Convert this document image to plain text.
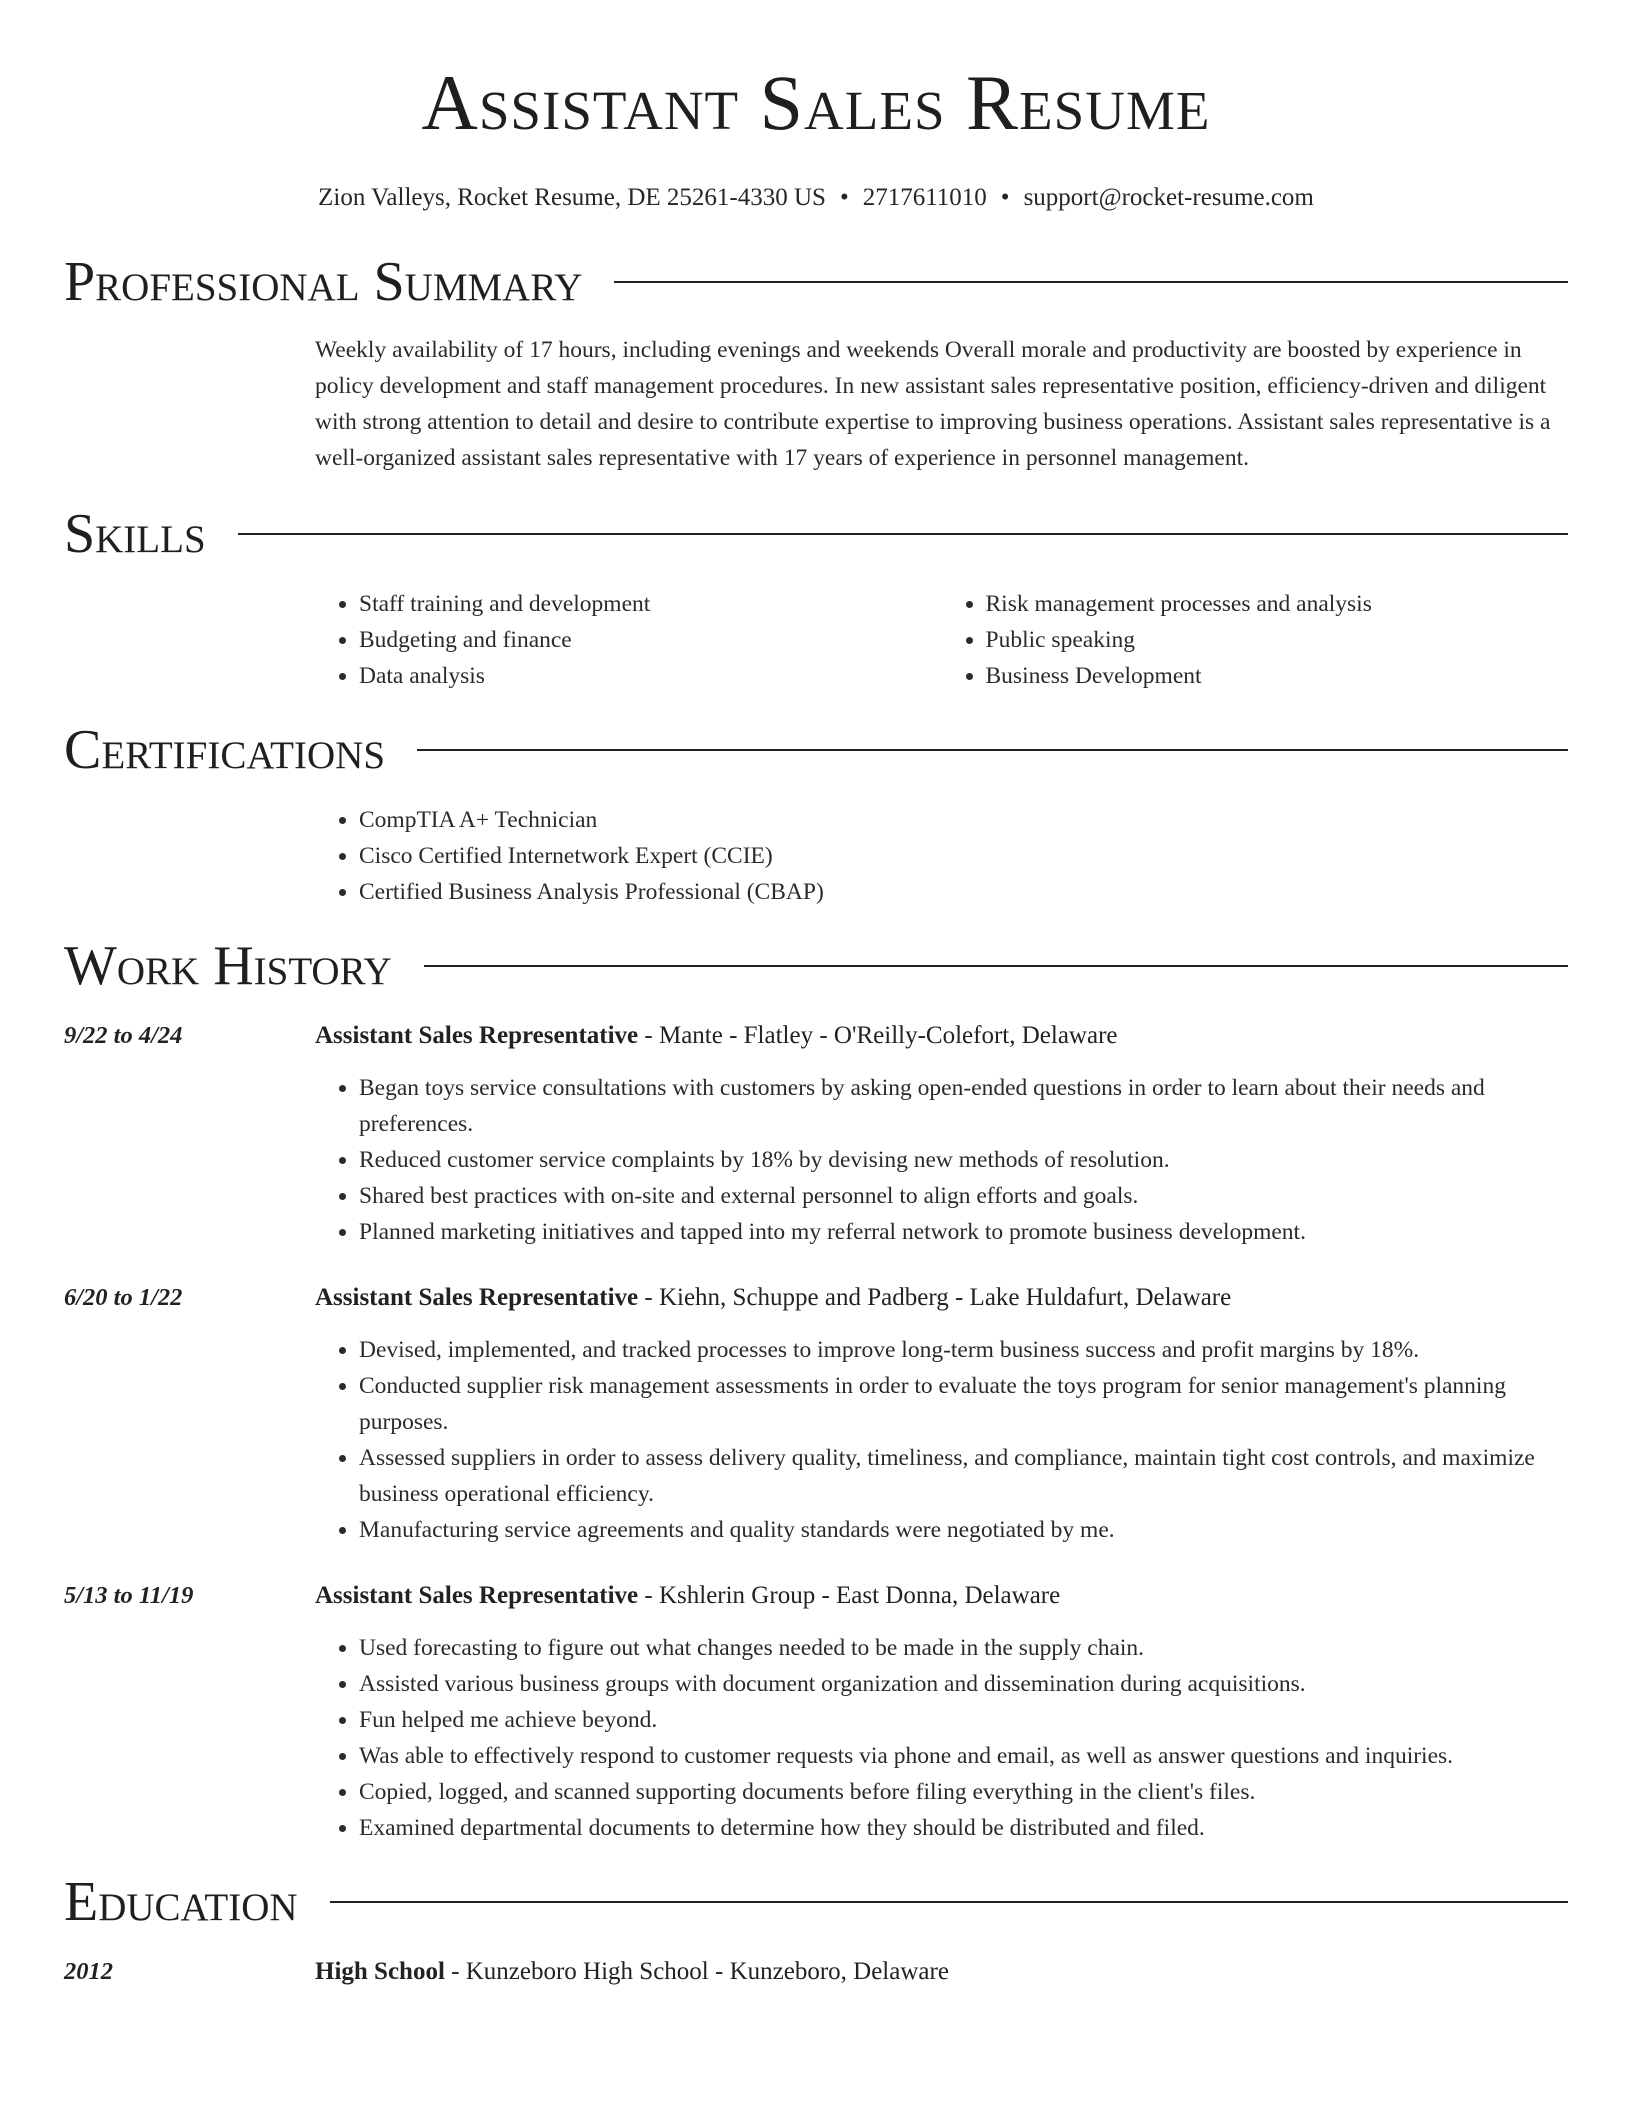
Assistant Sales Resume
Zion Valleys, Rocket Resume, DE 25261-4330 US • 2717611010 • support@rocket-resume.com
Professional Summary
Weekly availability of 17 hours, including evenings and weekends Overall morale and productivity are boosted by experience in policy development and staff management procedures. In new assistant sales representative position, efficiency-driven and diligent with strong attention to detail and desire to contribute expertise to improving business operations. Assistant sales representative is a well-organized assistant sales representative with 17 years of experience in personnel management.
Skills
• Staff training and development
• Budgeting and finance
• Data analysis
• Risk management processes and analysis
• Public speaking
• Business Development
Certifications
• CompTIA A+ Technician
• Cisco Certified Internetwork Expert (CCIE)
• Certified Business Analysis Professional (CBAP)
Work History
9/22 to 4/24	Assistant Sales Representative - Mante - Flatley - O'Reilly-Colefort, Delaware
• Began toys service consultations with customers by asking open-ended questions in order to learn about their needs and preferences.
• Reduced customer service complaints by 18% by devising new methods of resolution.
• Shared best practices with on-site and external personnel to align efforts and goals.
• Planned marketing initiatives and tapped into my referral network to promote business development.
6/20 to 1/22	Assistant Sales Representative - Kiehn, Schuppe and Padberg - Lake Huldafurt, Delaware
• Devised, implemented, and tracked processes to improve long-term business success and profit margins by 18%.
• Conducted supplier risk management assessments in order to evaluate the toys program for senior management's planning purposes.
• Assessed suppliers in order to assess delivery quality, timeliness, and compliance, maintain tight cost controls, and maximize business operational efficiency.
• Manufacturing service agreements and quality standards were negotiated by me.
5/13 to 11/19	Assistant Sales Representative - Kshlerin Group - East Donna, Delaware
• Used forecasting to figure out what changes needed to be made in the supply chain.
• Assisted various business groups with document organization and dissemination during acquisitions.
• Fun helped me achieve beyond.
• Was able to effectively respond to customer requests via phone and email, as well as answer questions and inquiries.
• Copied, logged, and scanned supporting documents before filing everything in the client's files.
• Examined departmental documents to determine how they should be distributed and filed.
Education
2012	High School - Kunzeboro High School - Kunzeboro, Delaware
